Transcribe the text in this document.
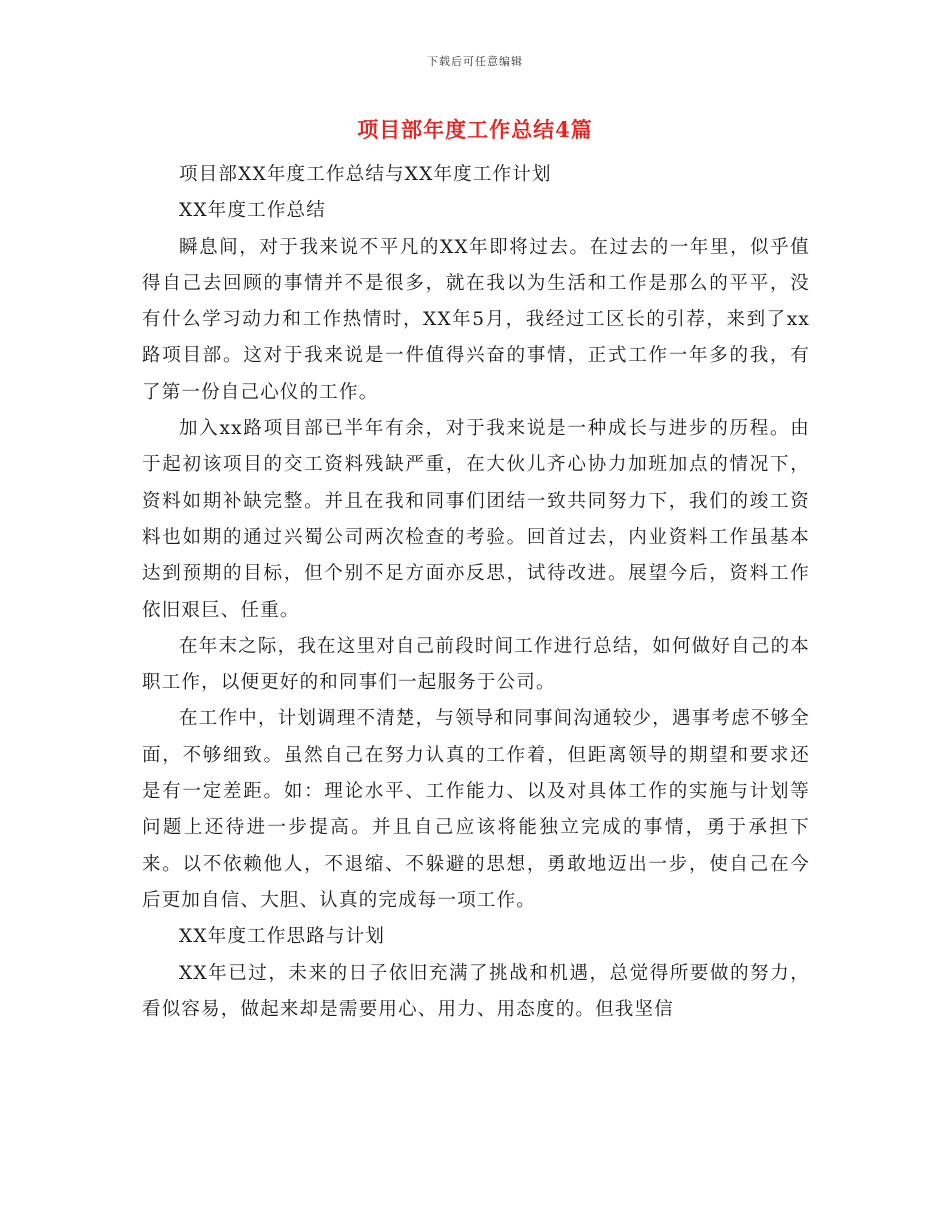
下载后可任意编辑
项目部年度工作总结4篇

项目部XX年度工作总结与XX年度工作计划

XX年度工作总结

瞬息间，对于我来说不平凡的XX年即将过去。在过去的一年里，似乎值得自己去回顾的事情并不是很多，就在我以为生活和工作是那么的平平，没有什么学习动力和工作热情时，XX年5月，我经过工区长的引荐，来到了xx路项目部。这对于我来说是一件值得兴奋的事情，正式工作一年多的我，有了第一份自己心仪的工作。

加入xx路项目部已半年有余，对于我来说是一种成长与进步的历程。由于起初该项目的交工资料残缺严重，在大伙儿齐心协力加班加点的情况下，资料如期补缺完整。并且在我和同事们团结一致共同努力下，我们的竣工资料也如期的通过兴蜀公司两次检查的考验。回首过去，内业资料工作虽基本达到预期的目标，但个别不足方面亦反思，试待改进。展望今后，资料工作依旧艰巨、任重。

在年末之际，我在这里对自己前段时间工作进行总结，如何做好自己的本职工作，以便更好的和同事们一起服务于公司。

在工作中，计划调理不清楚，与领导和同事间沟通较少，遇事考虑不够全面，不够细致。虽然自己在努力认真的工作着，但距离领导的期望和要求还是有一定差距。如：理论水平、工作能力、以及对具体工作的实施与计划等问题上还待进一步提高。并且自己应该将能独立完成的事情，勇于承担下来。以不依赖他人，不退缩、不躲避的思想，勇敢地迈出一步，使自己在今后更加自信、大胆、认真的完成每一项工作。

XX年度工作思路与计划

XX年已过，未来的日子依旧充满了挑战和机遇，总觉得所要做的努力，看似容易，做起来却是需要用心、用力、用态度的。但我坚信
